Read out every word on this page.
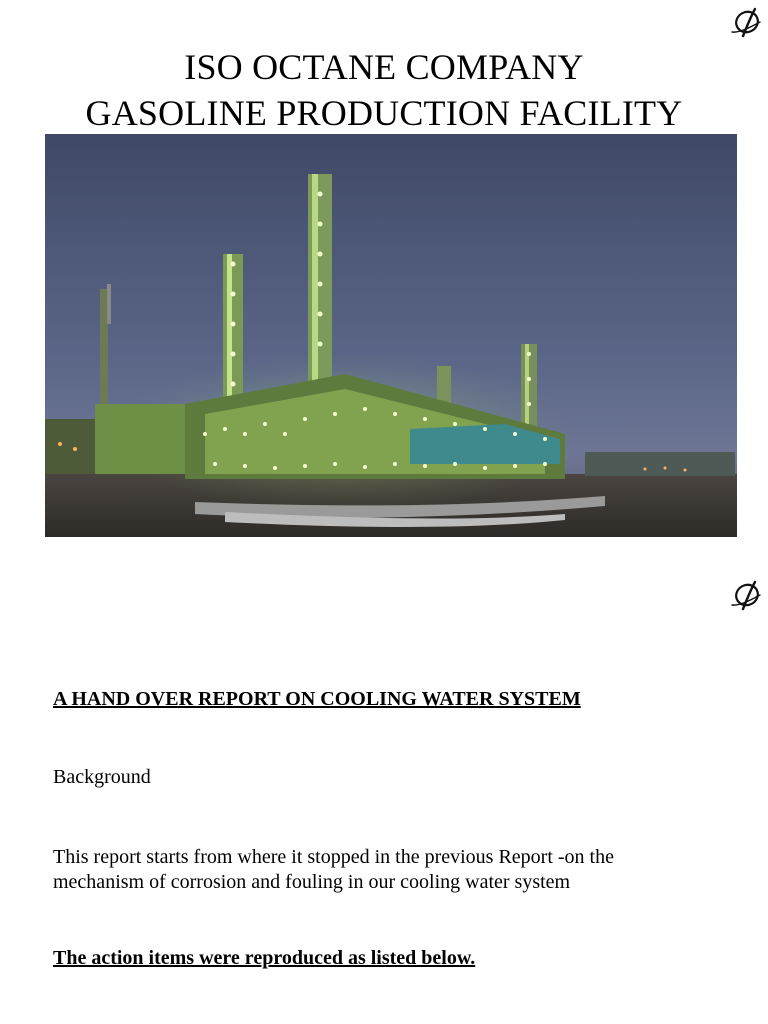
ISO OCTANE COMPANY
GASOLINE PRODUCTION FACILITY
A HAND OVER REPORT ON COOLING WATER SYSTEM
Background
This report starts from where it stopped in the previous Report -on the
mechanism of corrosion and fouling in our cooling water system
The action items were reproduced as listed below.
